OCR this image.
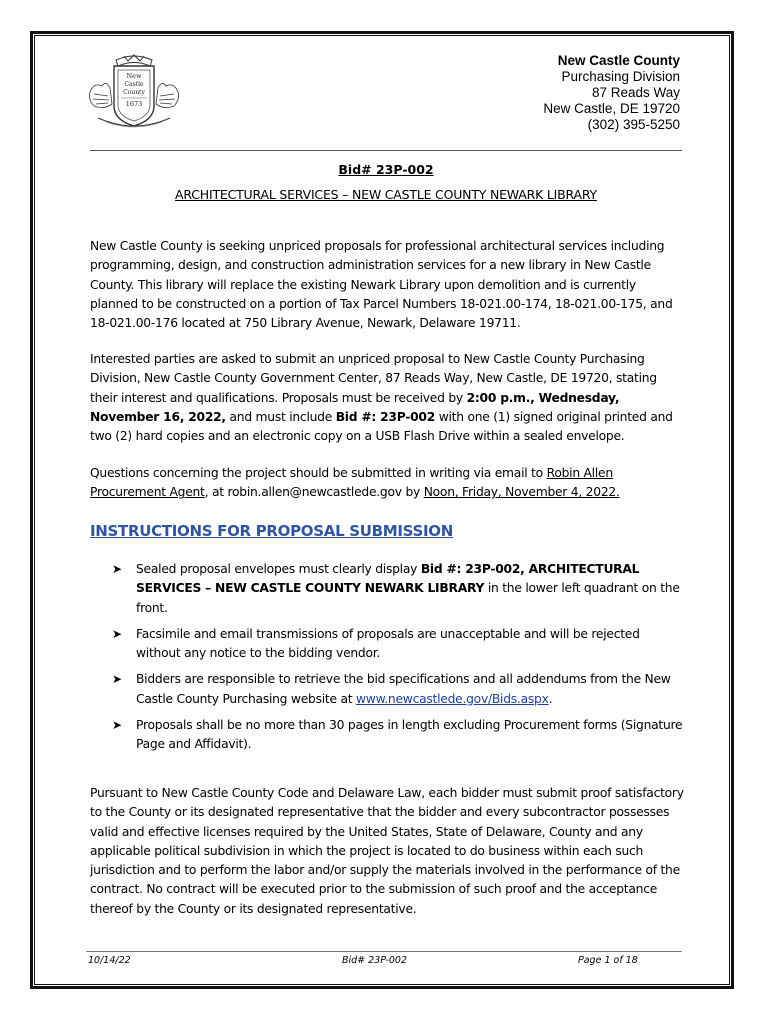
New
Castle
County
1673
New Castle County
Purchasing Division
87 Reads Way
New Castle, DE 19720
(302) 395-5250
Bid# 23P-002
ARCHITECTURAL SERVICES – NEW CASTLE COUNTY NEWARK LIBRARY
New Castle County is seeking unpriced proposals for professional architectural services including programming, design, and construction administration services for a new library in New Castle County. This library will replace the existing Newark Library upon demolition and is currently planned to be constructed on a portion of Tax Parcel Numbers 18-021.00-174, 18-021.00-175, and 18-021.00-176 located at 750 Library Avenue, Newark, Delaware 19711.
Interested parties are asked to submit an unpriced proposal to New Castle County Purchasing Division, New Castle County Government Center, 87 Reads Way, New Castle, DE 19720, stating their interest and qualifications. Proposals must be received by 2:00 p.m., Wednesday, November 16, 2022, and must include Bid #: 23P-002 with one (1) signed original printed and two (2) hard copies and an electronic copy on a USB Flash Drive within a sealed envelope.
Questions concerning the project should be submitted in writing via email to Robin Allen Procurement Agent, at robin.allen@newcastlede.gov by Noon, Friday, November 4, 2022.
INSTRUCTIONS FOR PROPOSAL SUBMISSION
➤ Sealed proposal envelopes must clearly display Bid #: 23P-002, ARCHITECTURAL SERVICES – NEW CASTLE COUNTY NEWARK LIBRARY in the lower left quadrant on the front.
➤ Facsimile and email transmissions of proposals are unacceptable and will be rejected without any notice to the bidding vendor.
➤ Bidders are responsible to retrieve the bid specifications and all addendums from the New Castle County Purchasing website at www.newcastlede.gov/Bids.aspx.
➤ Proposals shall be no more than 30 pages in length excluding Procurement forms (Signature Page and Affidavit).
Pursuant to New Castle County Code and Delaware Law, each bidder must submit proof satisfactory to the County or its designated representative that the bidder and every subcontractor possesses valid and effective licenses required by the United States, State of Delaware, County and any applicable political subdivision in which the project is located to do business within each such jurisdiction and to perform the labor and/or supply the materials involved in the performance of the contract. No contract will be executed prior to the submission of such proof and the acceptance thereof by the County or its designated representative.
10/14/22	Bid# 23P-002	Page 1 of 18
